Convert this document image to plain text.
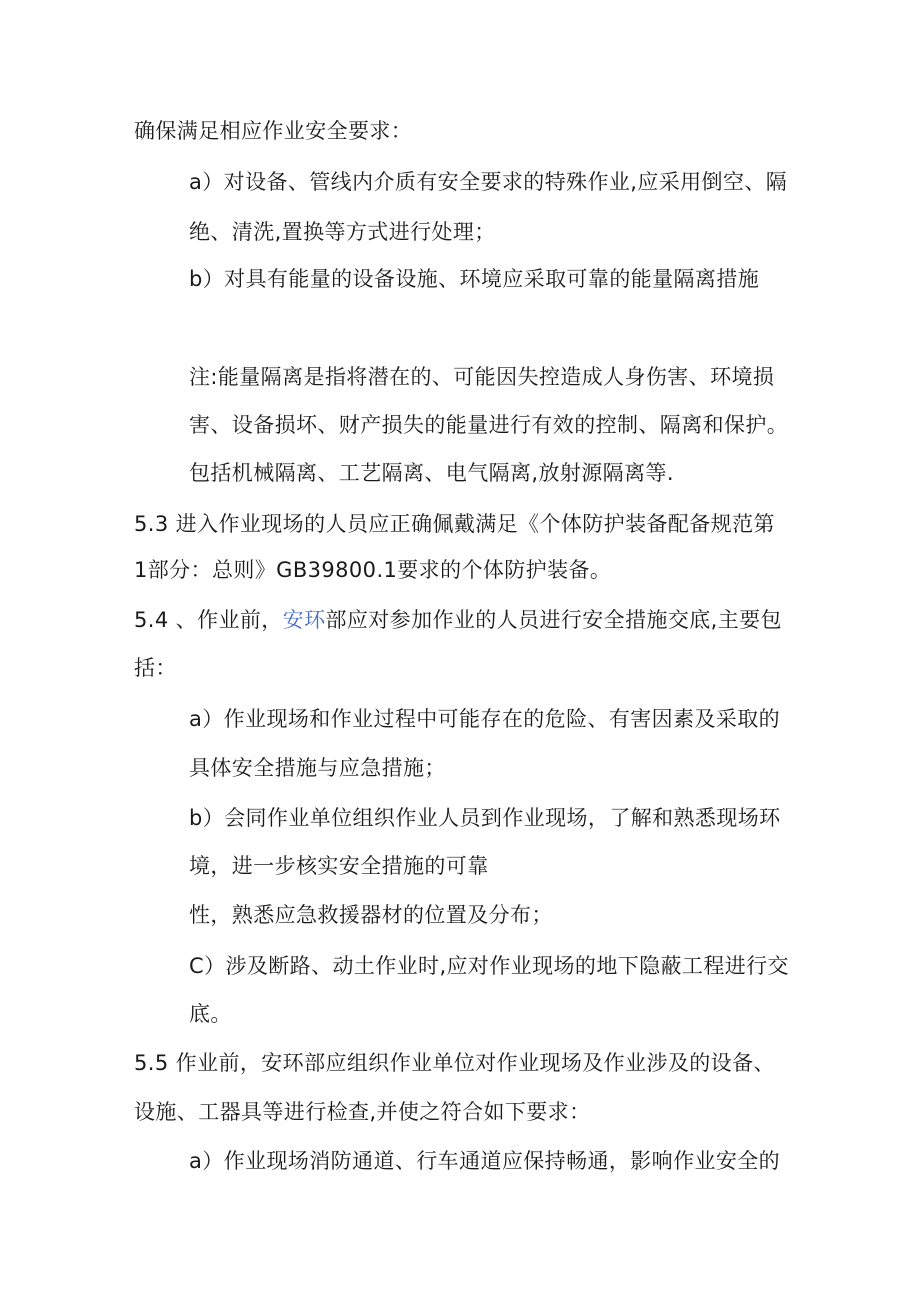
确保满足相应作业安全要求：
a）对设备、管线内介质有安全要求的特殊作业,应采用倒空、隔
绝、清洗,置换等方式进行处理；
b）对具有能量的设备设施、环境应采取可靠的能量隔离措施
注:能量隔离是指将潜在的、可能因失控造成人身伤害、环境损
害、设备损坏、财产损失的能量进行有效的控制、隔离和保护。
包括机械隔离、工艺隔离、电气隔离,放射源隔离等.
5.3 进入作业现场的人员应正确佩戴满足《个体防护装备配备规范第
1部分：总则》GB39800.1要求的个体防护装备。
5.4 、作业前，安环部应对参加作业的人员进行安全措施交底,主要包
括：
a）作业现场和作业过程中可能存在的危险、有害因素及采取的
具体安全措施与应急措施；
b）会同作业单位组织作业人员到作业现场，了解和熟悉现场环
境，进一步核实安全措施的可靠
性，熟悉应急救援器材的位置及分布；
C）涉及断路、动土作业时,应对作业现场的地下隐蔽工程进行交
底。
5.5 作业前，安环部应组织作业单位对作业现场及作业涉及的设备、
设施、工器具等进行检查,并使之符合如下要求：
a）作业现场消防通道、行车通道应保持畅通，影响作业安全的
